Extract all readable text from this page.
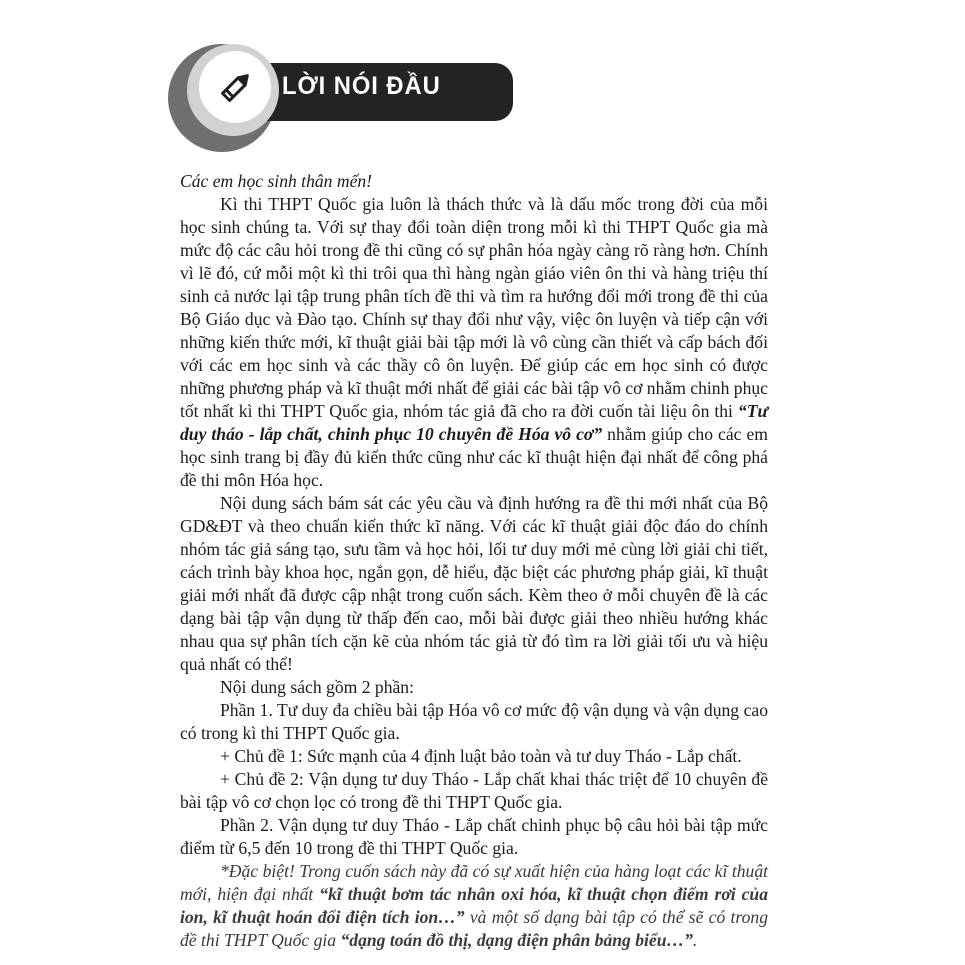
LỜI NÓI ĐẦU

Các em học sinh thân mến!

Kì thi THPT Quốc gia luôn là thách thức và là dấu mốc trong đời của mỗi học sinh chúng ta. Với sự thay đổi toàn diện trong mỗi kì thi THPT Quốc gia mà mức độ các câu hỏi trong đề thi cũng có sự phân hóa ngày càng rõ ràng hơn. Chính vì lẽ đó, cứ mỗi một kì thi trôi qua thì hàng ngàn giáo viên ôn thi và hàng triệu thí sinh cả nước lại tập trung phân tích đề thi và tìm ra hướng đổi mới trong đề thi của Bộ Giáo dục và Đào tạo. Chính sự thay đổi như vậy, việc ôn luyện và tiếp cận với những kiến thức mới, kĩ thuật giải bài tập mới là vô cùng cần thiết và cấp bách đối với các em học sinh và các thầy cô ôn luyện. Để giúp các em học sinh có được những phương pháp và kĩ thuật mới nhất để giải các bài tập vô cơ nhằm chinh phục tốt nhất kì thi THPT Quốc gia, nhóm tác giả đã cho ra đời cuốn tài liệu ôn thi “Tư duy tháo - lắp chất, chinh phục 10 chuyên đề Hóa vô cơ” nhằm giúp cho các em học sinh trang bị đầy đủ kiến thức cũng như các kĩ thuật hiện đại nhất để công phá đề thi môn Hóa học.

Nội dung sách bám sát các yêu cầu và định hướng ra đề thi mới nhất của Bộ GD&ĐT và theo chuẩn kiến thức kĩ năng. Với các kĩ thuật giải độc đáo do chính nhóm tác giả sáng tạo, sưu tầm và học hỏi, lối tư duy mới mẻ cùng lời giải chi tiết, cách trình bày khoa học, ngắn gọn, dễ hiểu, đặc biệt các phương pháp giải, kĩ thuật giải mới nhất đã được cập nhật trong cuốn sách. Kèm theo ở mỗi chuyên đề là các dạng bài tập vận dụng từ thấp đến cao, mỗi bài được giải theo nhiều hướng khác nhau qua sự phân tích cặn kẽ của nhóm tác giả từ đó tìm ra lời giải tối ưu và hiệu quả nhất có thể!

Nội dung sách gồm 2 phần:

Phần 1. Tư duy đa chiều bài tập Hóa vô cơ mức độ vận dụng và vận dụng cao có trong kì thi THPT Quốc gia.

+ Chủ đề 1: Sức mạnh của 4 định luật bảo toàn và tư duy Tháo - Lắp chất.

+ Chủ đề 2: Vận dụng tư duy Tháo - Lắp chất khai thác triệt để 10 chuyên đề bài tập vô cơ chọn lọc có trong đề thi THPT Quốc gia.

Phần 2. Vận dụng tư duy Tháo - Lắp chất chinh phục bộ câu hỏi bài tập mức điểm từ 6,5 đến 10 trong đề thi THPT Quốc gia.

*Đặc biệt! Trong cuốn sách này đã có sự xuất hiện của hàng loạt các kĩ thuật mới, hiện đại nhất “kĩ thuật bơm tác nhân oxi hóa, kĩ thuật chọn điểm rơi của ion, kĩ thuật hoán đổi điện tích ion…” và một số dạng bài tập có thể sẽ có trong đề thi THPT Quốc gia “dạng toán đồ thị, dạng điện phân bảng biểu…”.
